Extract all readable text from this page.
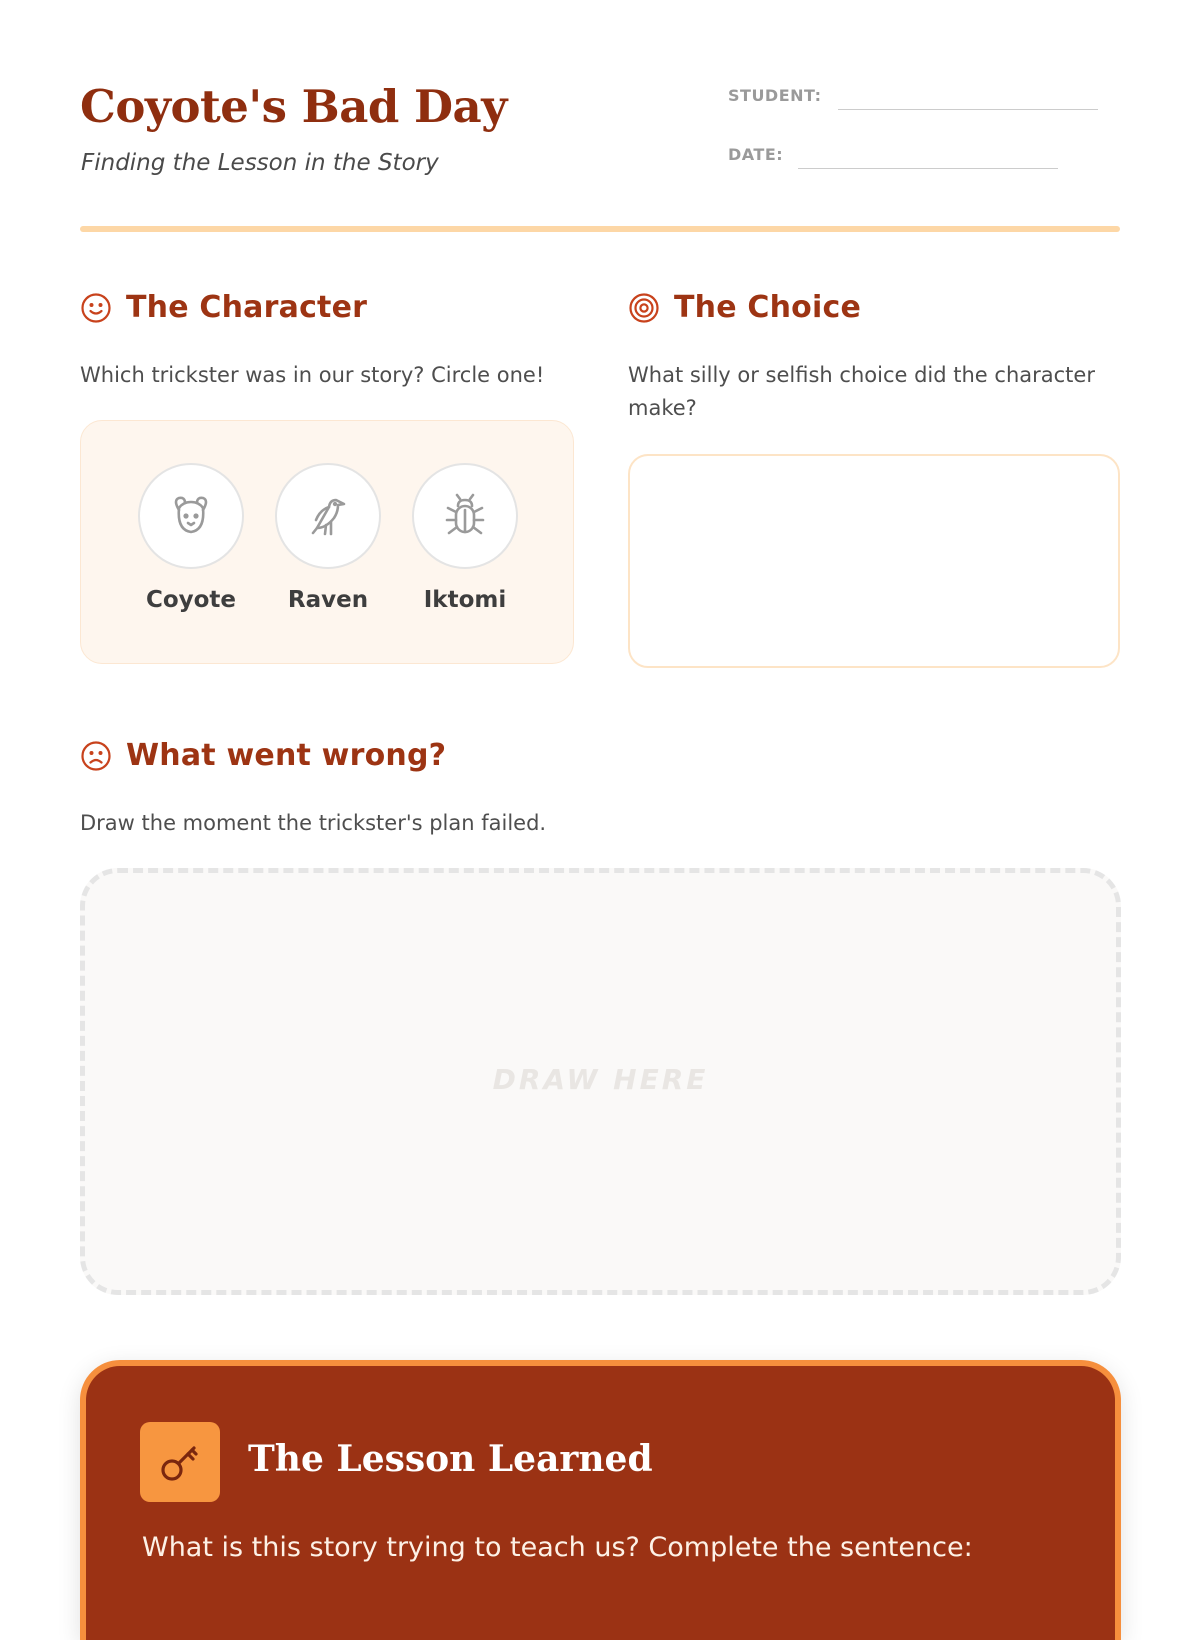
Coyote's Bad Day
Finding the Lesson in the Story
STUDENT:
DATE:
The Character
Which trickster was in our story? Circle one!
Coyote	Raven	Iktomi
The Choice
What silly or selfish choice did the character make?
What went wrong?
Draw the moment the trickster's plan failed.
DRAW HERE
The Lesson Learned
What is this story trying to teach us? Complete the sentence:
